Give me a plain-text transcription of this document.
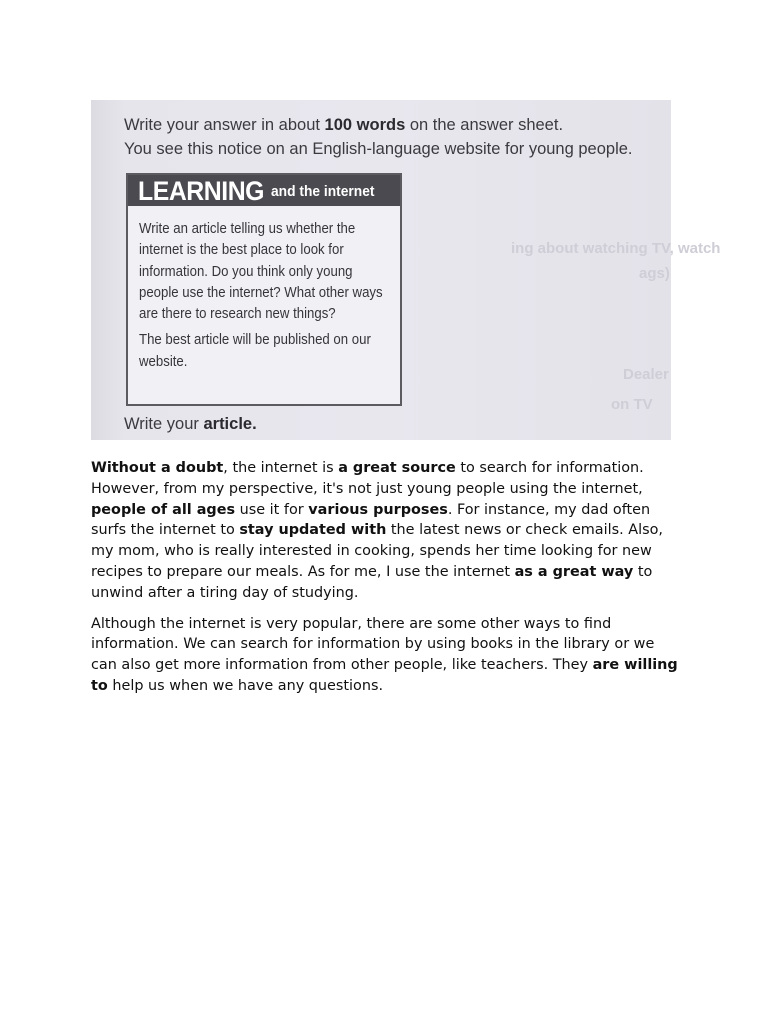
ing about watching TV, watch
ags)
Dealer
on TV
Write your answer in about 100 words on the answer sheet.
You see this notice on an English-language website for young people.
LEARNING and the internet

Write an article telling us whether the internet is the best place to look for information. Do you think only young people use the internet? What other ways are there to research new things?

The best article will be published on our website.

Write your article.

Without a doubt, the internet is a great source to search for information. However, from my perspective, it's not just young people using the internet, people of all ages use it for various purposes. For instance, my dad often surfs the internet to stay updated with the latest news or check emails. Also, my mom, who is really interested in cooking, spends her time looking for new recipes to prepare our meals. As for me, I use the internet as a great way to unwind after a tiring day of studying.

Although the internet is very popular, there are some other ways to find information. We can search for information by using books in the library or we can also get more information from other people, like teachers. They are willing to help us when we have any questions.
